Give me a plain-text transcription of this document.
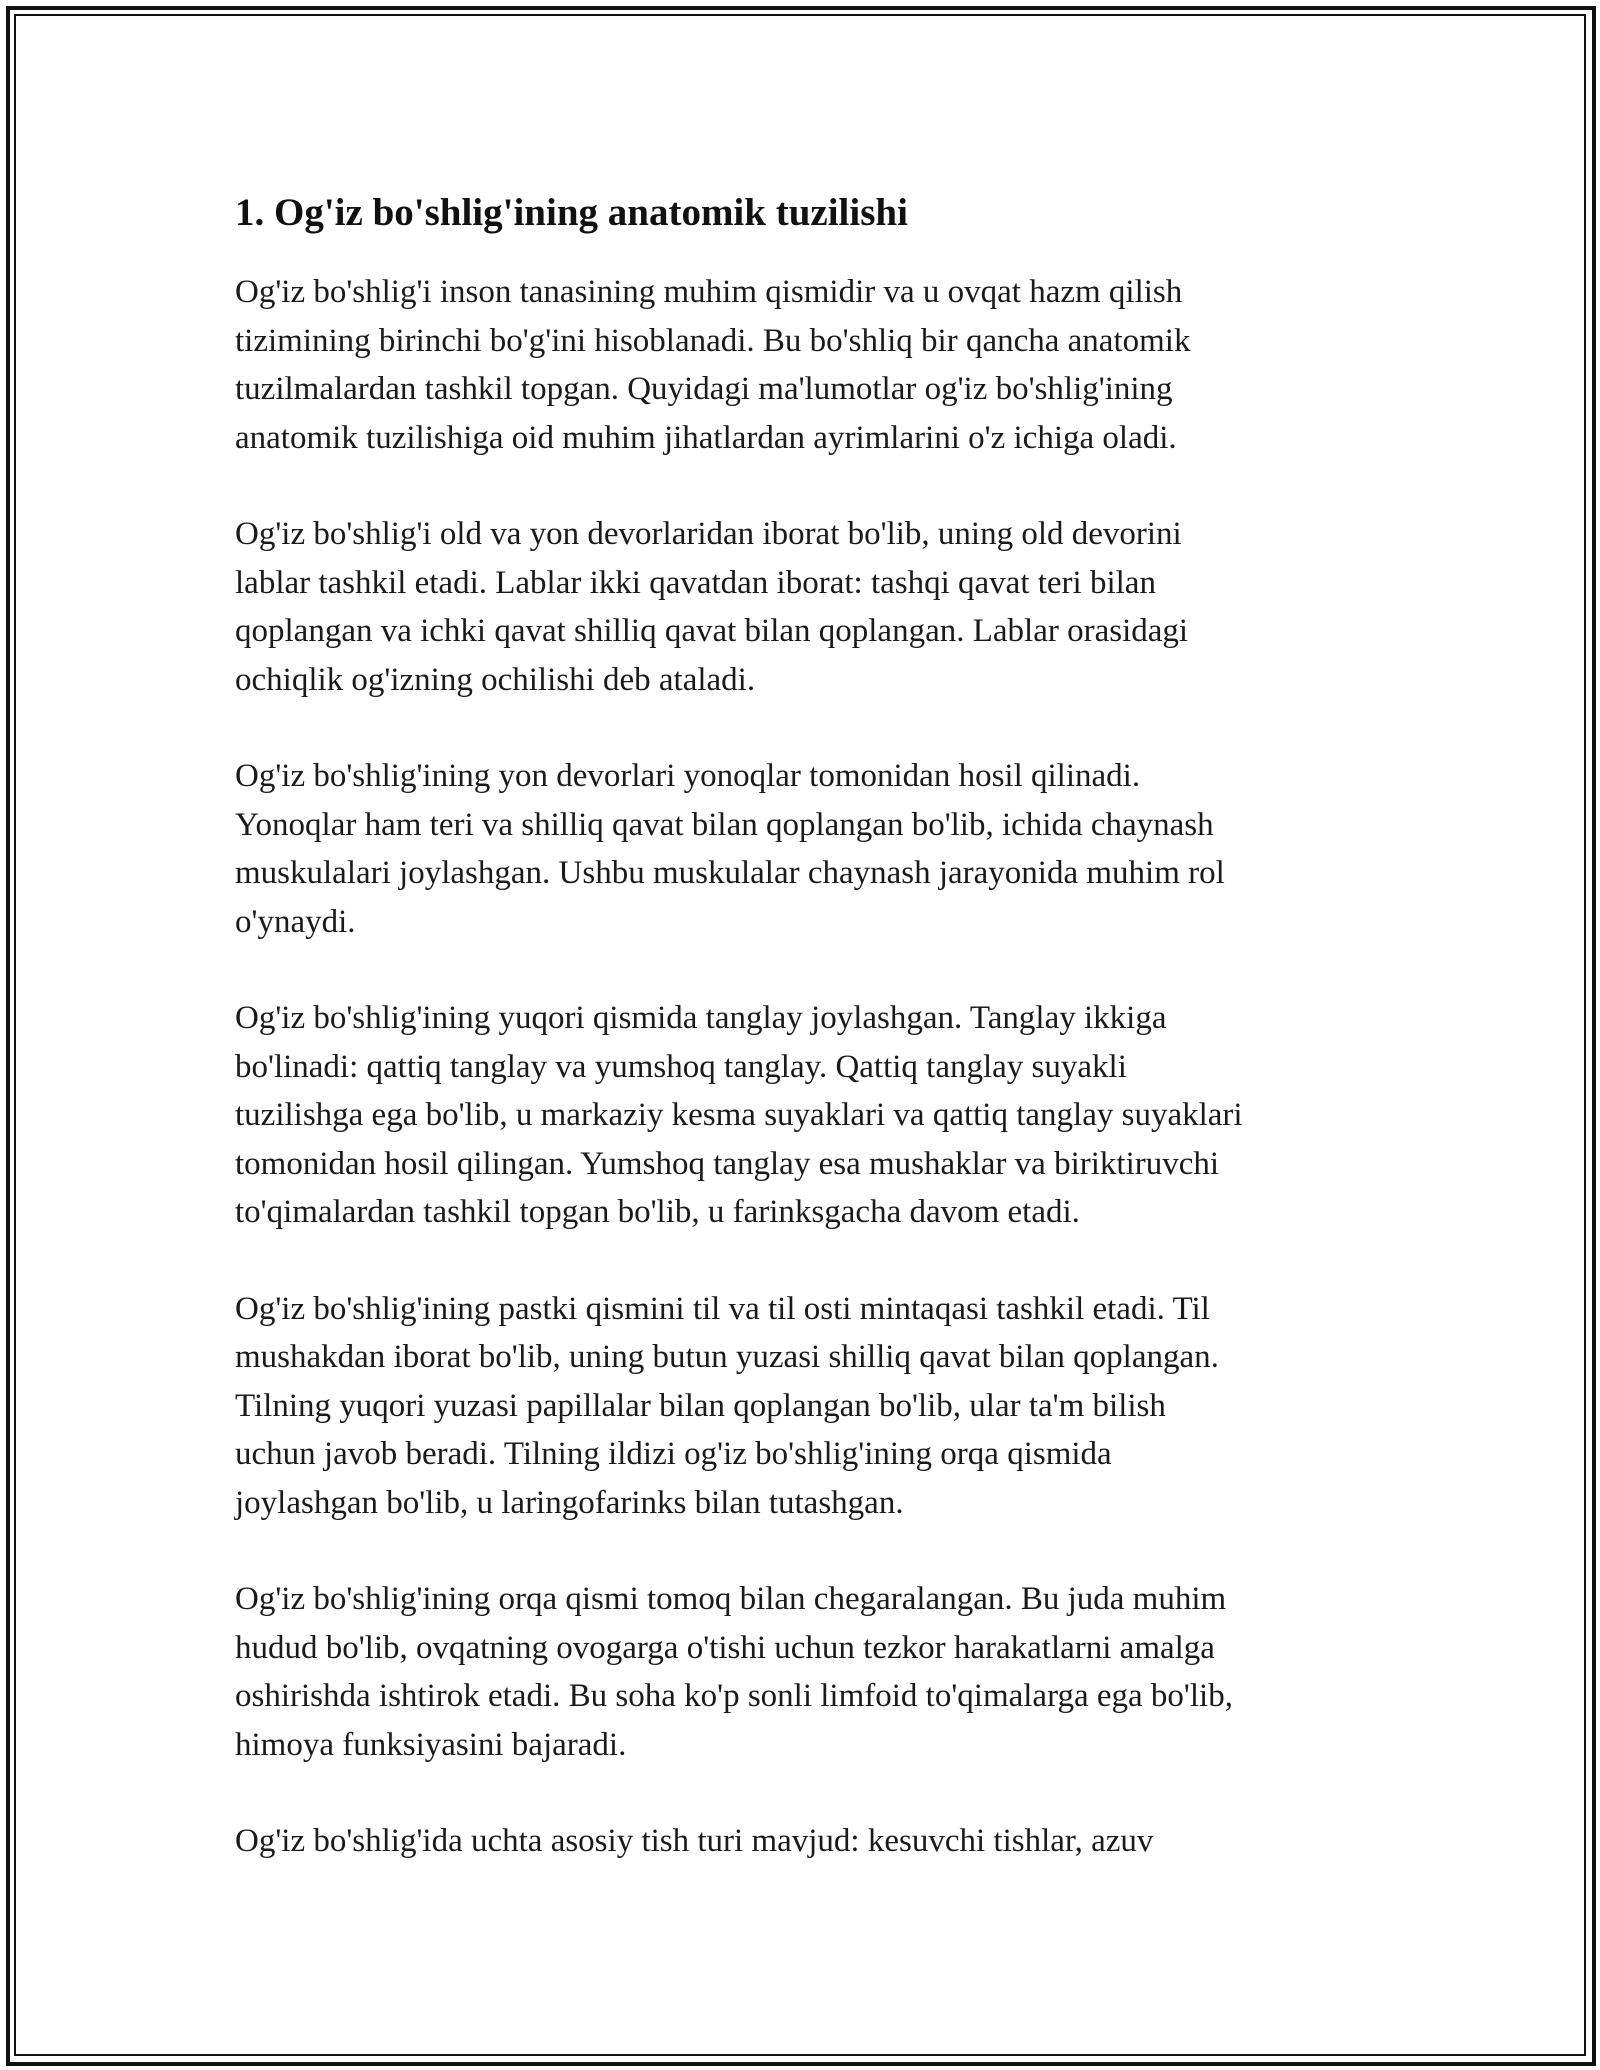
1. Og'iz bo'shlig'ining anatomik tuzilishi

Og'iz bo'shlig'i inson tanasining muhim qismidir va u ovqat hazm qilish
tizimining birinchi bo'g'ini hisoblanadi. Bu bo'shliq bir qancha anatomik
tuzilmalardan tashkil topgan. Quyidagi ma'lumotlar og'iz bo'shlig'ining
anatomik tuzilishiga oid muhim jihatlardan ayrimlarini o'z ichiga oladi.

Og'iz bo'shlig'i old va yon devorlaridan iborat bo'lib, uning old devorini
lablar tashkil etadi. Lablar ikki qavatdan iborat: tashqi qavat teri bilan
qoplangan va ichki qavat shilliq qavat bilan qoplangan. Lablar orasidagi
ochiqlik og'izning ochilishi deb ataladi.

Og'iz bo'shlig'ining yon devorlari yonoqlar tomonidan hosil qilinadi.
Yonoqlar ham teri va shilliq qavat bilan qoplangan bo'lib, ichida chaynash
muskulalari joylashgan. Ushbu muskulalar chaynash jarayonida muhim rol
o'ynaydi.

Og'iz bo'shlig'ining yuqori qismida tanglay joylashgan. Tanglay ikkiga
bo'linadi: qattiq tanglay va yumshoq tanglay. Qattiq tanglay suyakli
tuzilishga ega bo'lib, u markaziy kesma suyaklari va qattiq tanglay suyaklari
tomonidan hosil qilingan. Yumshoq tanglay esa mushaklar va biriktiruvchi
to'qimalardan tashkil topgan bo'lib, u farinksgacha davom etadi.

Og'iz bo'shlig'ining pastki qismini til va til osti mintaqasi tashkil etadi. Til
mushakdan iborat bo'lib, uning butun yuzasi shilliq qavat bilan qoplangan.
Tilning yuqori yuzasi papillalar bilan qoplangan bo'lib, ular ta'm bilish
uchun javob beradi. Tilning ildizi og'iz bo'shlig'ining orqa qismida
joylashgan bo'lib, u laringofarinks bilan tutashgan.

Og'iz bo'shlig'ining orqa qismi tomoq bilan chegaralangan. Bu juda muhim
hudud bo'lib, ovqatning ovogarga o'tishi uchun tezkor harakatlarni amalga
oshirishda ishtirok etadi. Bu soha ko'p sonli limfoid to'qimalarga ega bo'lib,
himoya funksiyasini bajaradi.

Og'iz bo'shlig'ida uchta asosiy tish turi mavjud: kesuvchi tishlar, azuv
